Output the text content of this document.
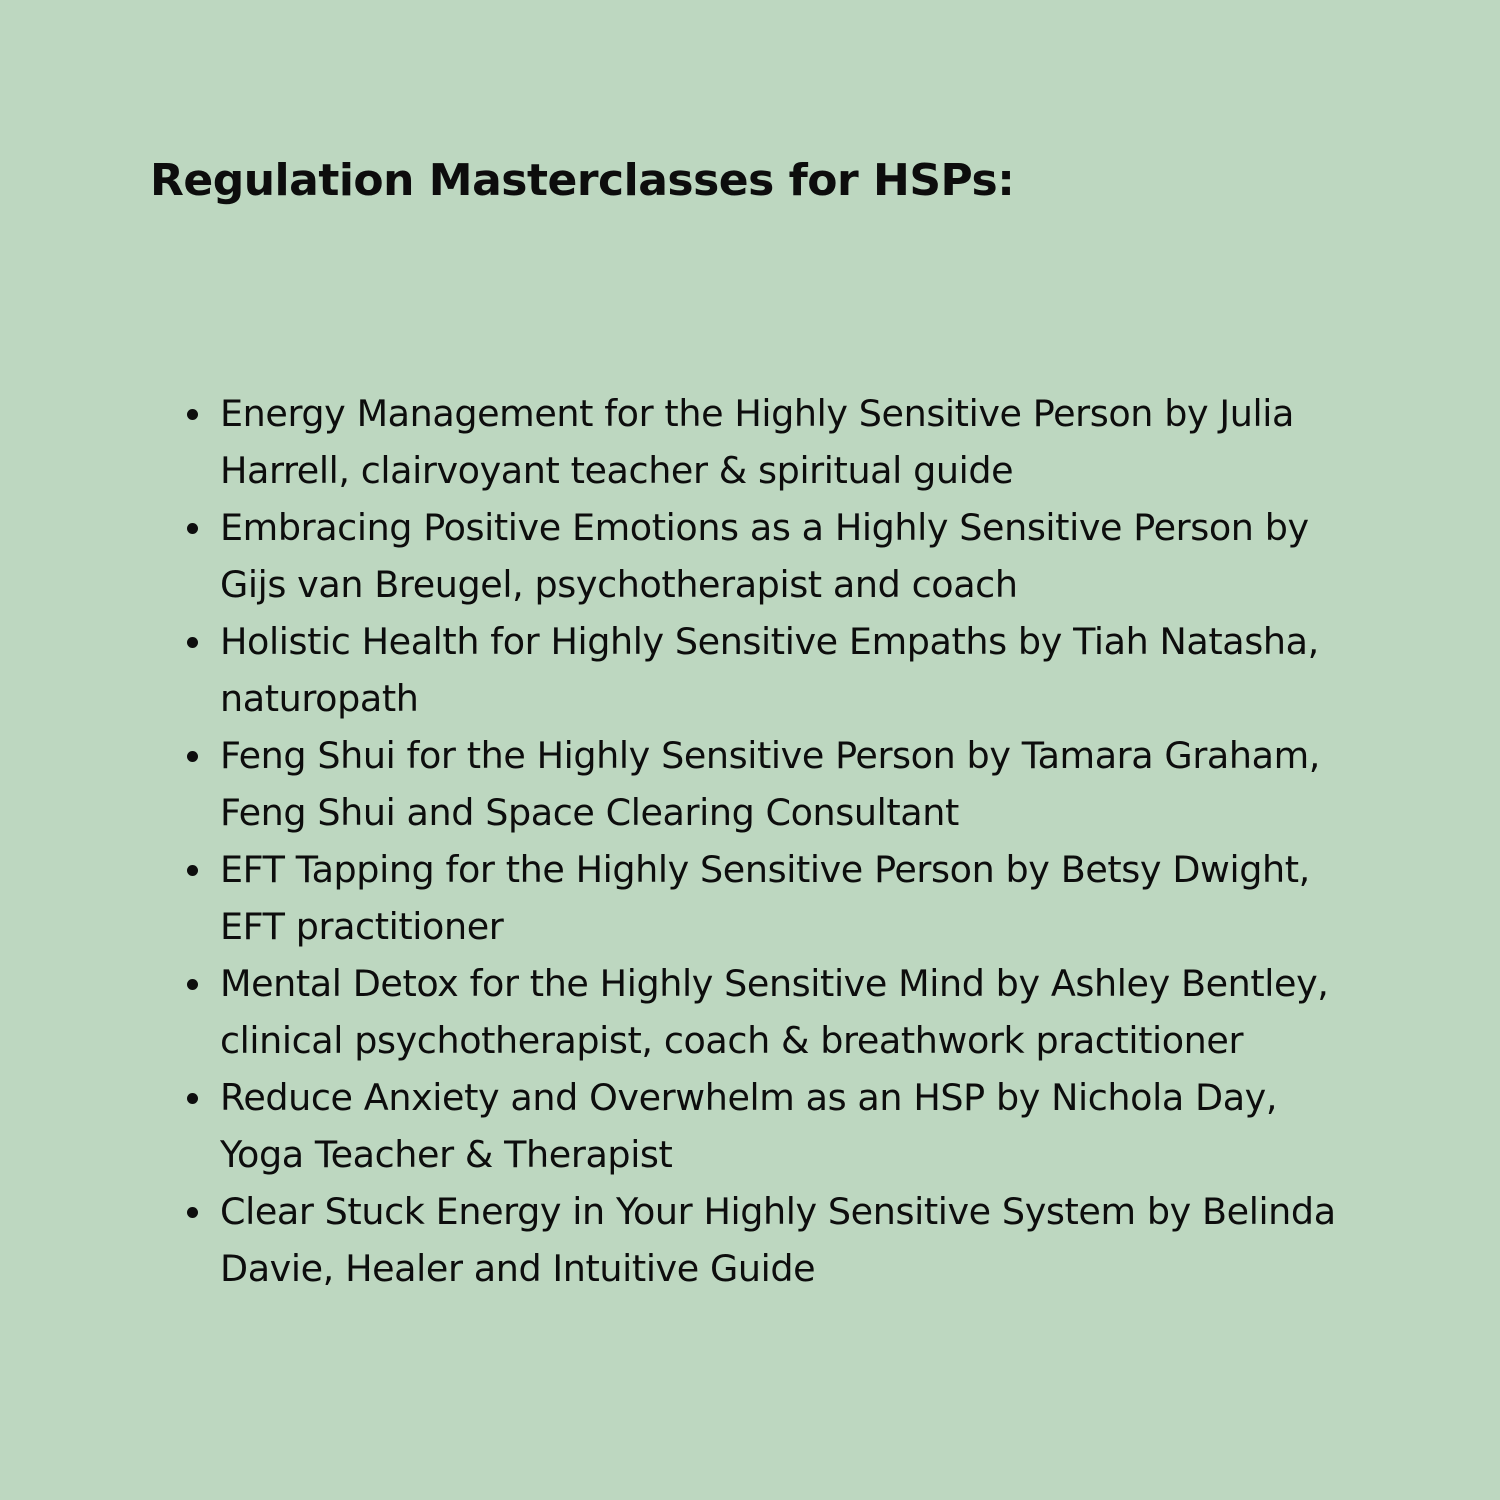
Regulation Masterclasses for HSPs:
Energy Management for the Highly Sensitive Person by Julia Harrell, clairvoyant teacher & spiritual guide
Embracing Positive Emotions as a Highly Sensitive Person by Gijs van Breugel, psychotherapist and coach
Holistic Health for Highly Sensitive Empaths by Tiah Natasha, naturopath
Feng Shui for the Highly Sensitive Person by Tamara Graham, Feng Shui and Space Clearing Consultant
EFT Tapping for the Highly Sensitive Person by Betsy Dwight, EFT practitioner
Mental Detox for the Highly Sensitive Mind by Ashley Bentley, clinical psychotherapist, coach & breathwork practitioner
Reduce Anxiety and Overwhelm as an HSP by Nichola Day, Yoga Teacher & Therapist
Clear Stuck Energy in Your Highly Sensitive System by Belinda Davie, Healer and Intuitive Guide
